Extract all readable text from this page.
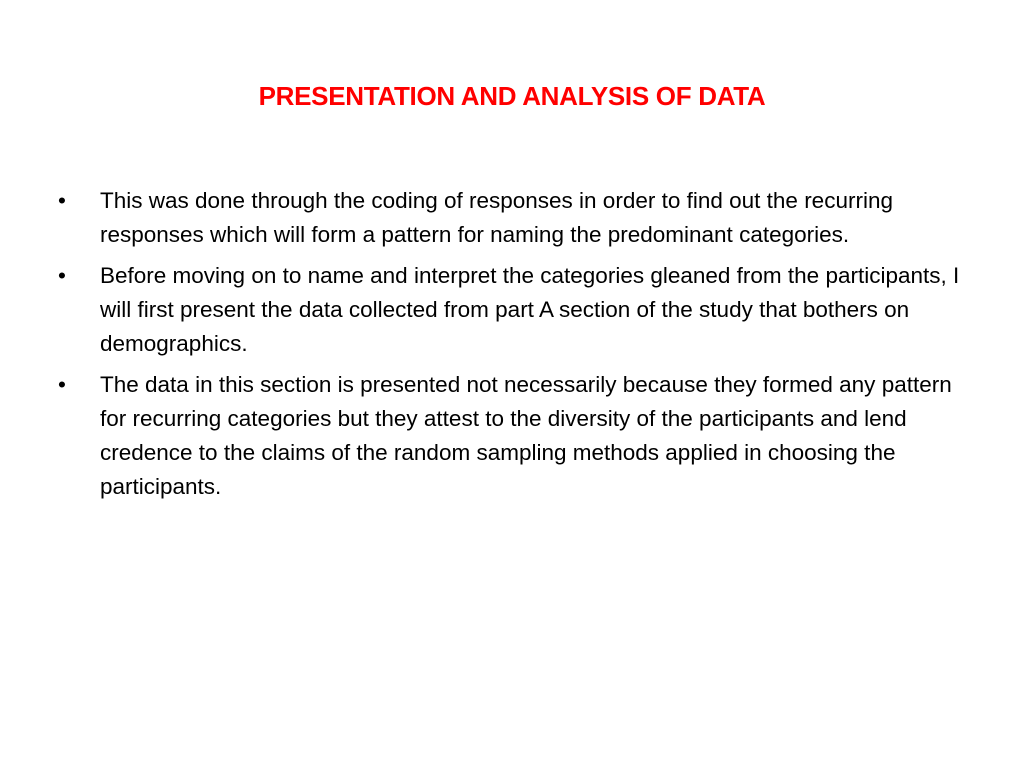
PRESENTATION AND ANALYSIS OF DATA
•	This was done through the coding of responses in order to find out the recurring responses which will form a pattern for naming the predominant categories.
•	Before moving on to name and interpret the categories gleaned from the participants, I will first present the data collected from part A section of the study that bothers on demographics.
•	The data in this section is presented not necessarily because they formed any pattern for recurring categories but they attest to the diversity of the participants and lend credence to the claims of the random sampling methods applied in choosing the participants.
